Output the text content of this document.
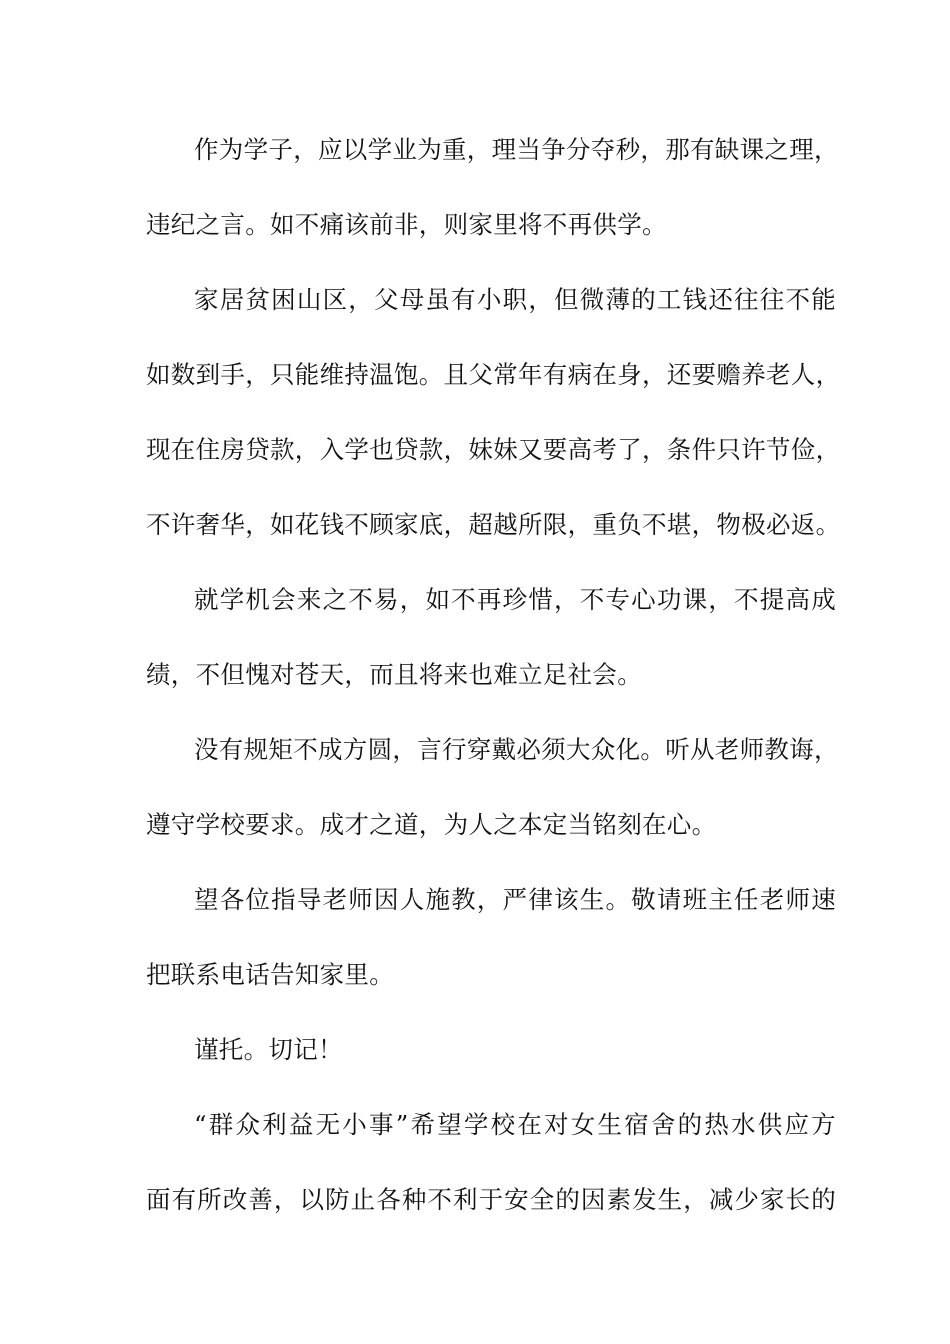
作为学子，应以学业为重，理当争分夺秒，那有缺课之理，
违纪之言。如不痛该前非，则家里将不再供学。
家居贫困山区，父母虽有小职，但微薄的工钱还往往不能
如数到手，只能维持温饱。且父常年有病在身，还要赡养老人，
现在住房贷款，入学也贷款，妹妹又要高考了，条件只许节俭，
不许奢华，如花钱不顾家底，超越所限，重负不堪，物极必返。
就学机会来之不易，如不再珍惜，不专心功课，不提高成
绩，不但愧对苍天，而且将来也难立足社会。
没有规矩不成方圆，言行穿戴必须大众化。听从老师教诲，
遵守学校要求。成才之道，为人之本定当铭刻在心。
望各位指导老师因人施教，严律该生。敬请班主任老师速
把联系电话告知家里。
谨托。切记！
“群众利益无小事”希望学校在对女生宿舍的热水供应方
面有所改善，以防止各种不利于安全的因素发生，减少家长的
